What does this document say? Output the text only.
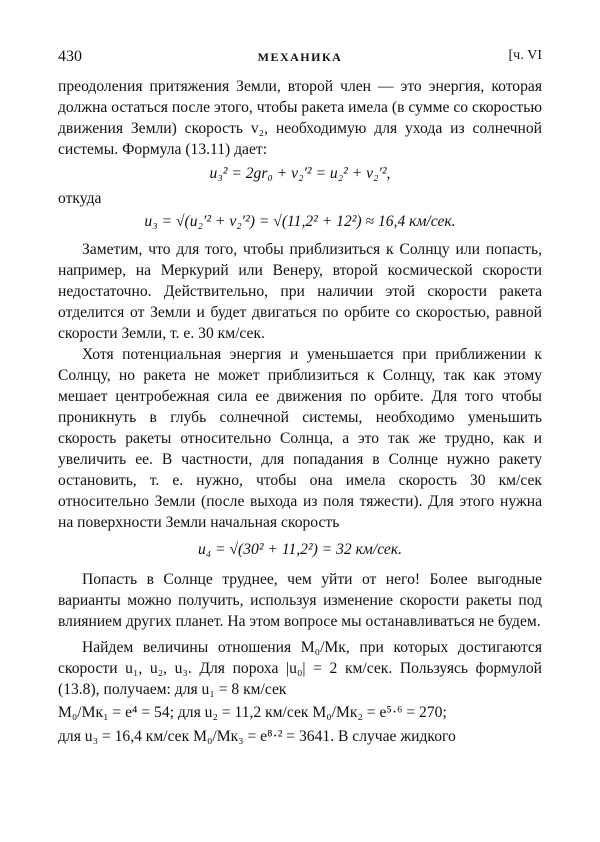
430	МЕХАНИКА	[ч. VI

преодоления притяжения Земли, второй член — это энергия, которая должна остаться после этого, чтобы ракета имела (в сумме со скоростью движения Земли) скорость v₂, необходимую для ухода из солнечной системы. Формула (13.11) дает:

u₃² = 2gr₀ + v₂′² = u₂² + v₂′²,

откуда

u₃ = √(u₂′² + v₂′²) = √(11,2² + 12²) ≈ 16,4 км/сек.

Заметим, что для того, чтобы приблизиться к Солнцу или попасть, например, на Меркурий или Венеру, второй космической скорости недостаточно. Действительно, при наличии этой скорости ракета отделится от Земли и будет двигаться по орбите со скоростью, равной скорости Земли, т. е. 30 км/сек.

Хотя потенциальная энергия и уменьшается при приближении к Солнцу, но ракета не может приблизиться к Солнцу, так как этому мешает центробежная сила ее движения по орбите. Для того чтобы проникнуть в глубь солнечной системы, необходимо уменьшить скорость ракеты относительно Солнца, а это так же трудно, как и увеличить ее. В частности, для попадания в Солнце нужно ракету остановить, т. е. нужно, чтобы она имела скорость 30 км/сек относительно Земли (после выхода из поля тяжести). Для этого нужна на поверхности Земли начальная скорость

u₄ = √(30² + 11,2²) = 32 км/сек.

Попасть в Солнце труднее, чем уйти от него! Более выгодные варианты можно получить, используя изменение скорости ракеты под влиянием других планет. На этом вопросе мы останавливаться не будем.

Найдем величины отношения M₀/Mк, при которых достигаются скорости u₁, u₂, u₃. Для пороха |u₀| = 2 км/сек. Пользуясь формулой (13.8), получаем: для u₁ = 8 км/сек

M₀/Mк₁ = e⁴ = 54; для u₂ = 11,2 км/сек M₀/Mк₂ = e⁵·⁶ = 270;
для u₃ = 16,4 км/сек M₀/Mк₃ = e⁸·² = 3641. В случае жидкого
